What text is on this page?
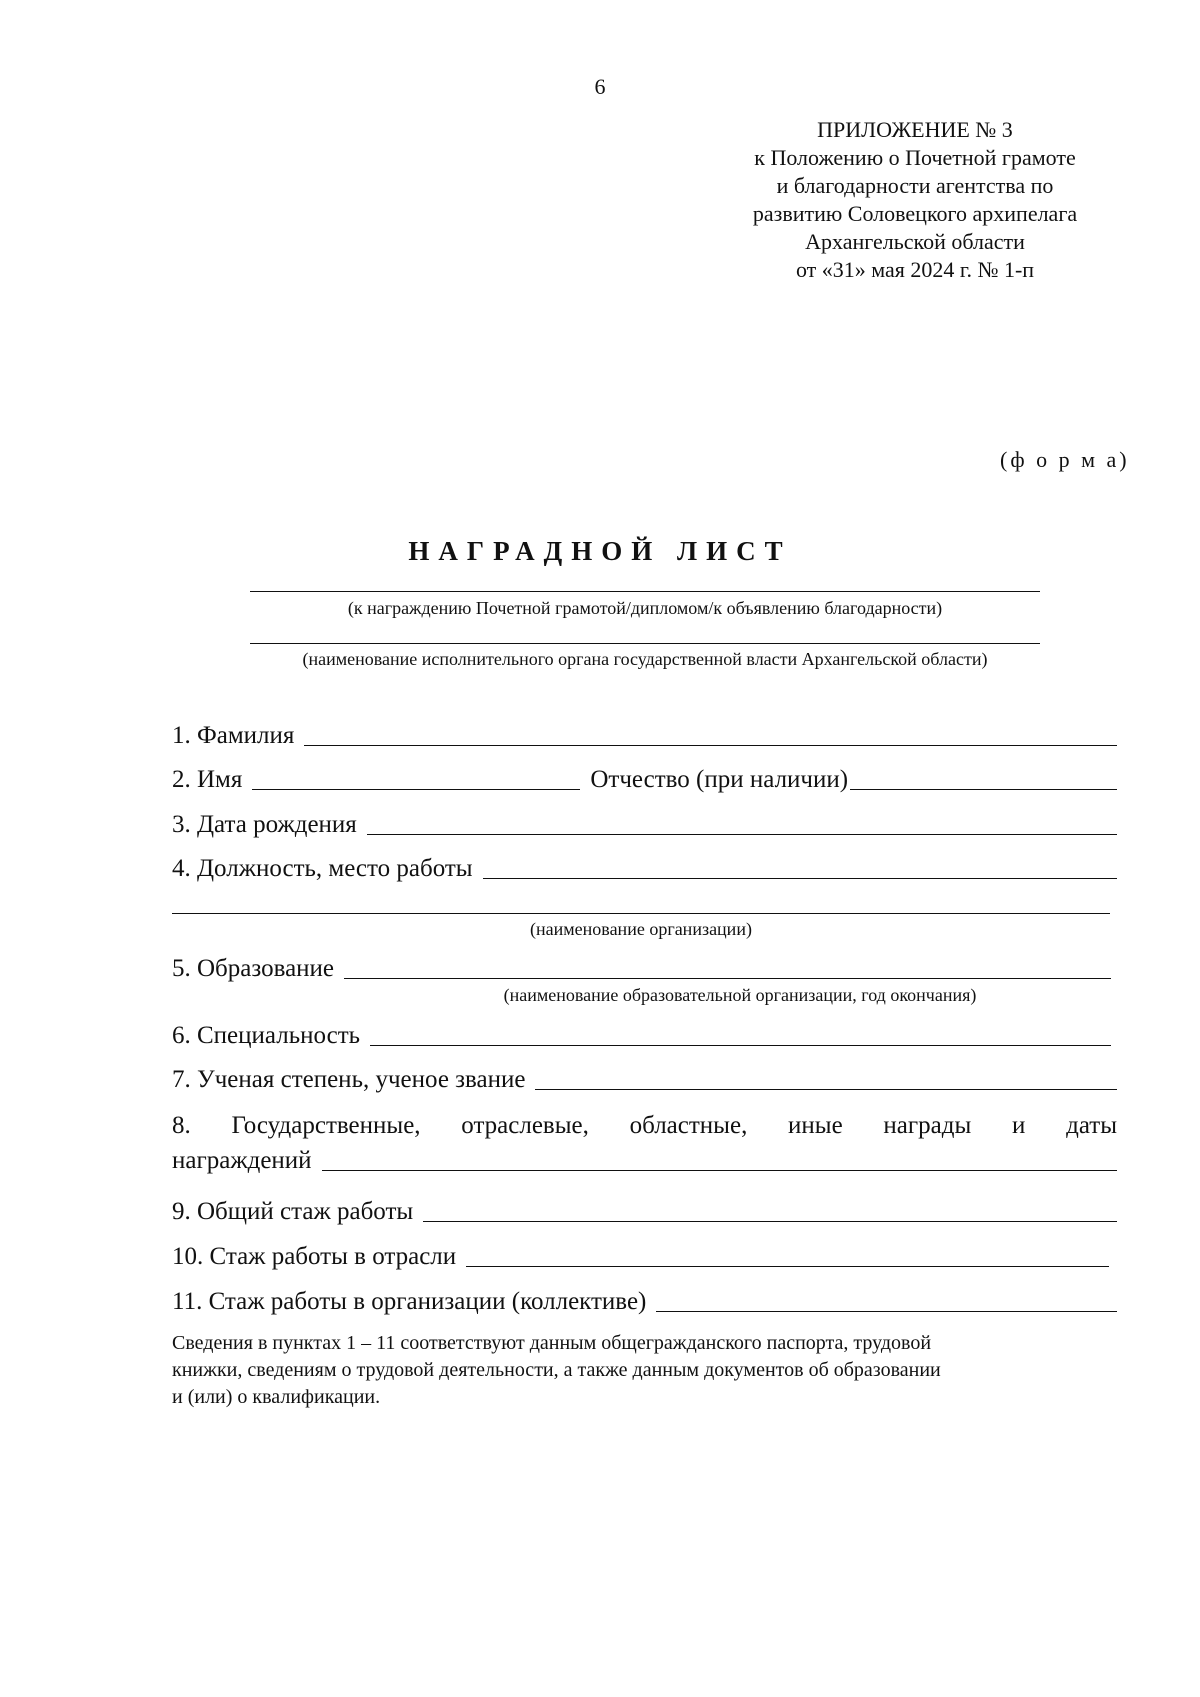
6
ПРИЛОЖЕНИЕ № 3
к Положению о Почетной грамоте
и благодарности агентства по
развитию Соловецкого архипелага
Архангельской области
от «31» мая 2024 г. № 1-п
(ф о р м а)
НАГРАДНОЙ ЛИСТ
(к награждению Почетной грамотой/дипломом/к объявлению благодарности)
(наименование исполнительного органа государственной власти Архангельской области)
1. Фамилия
2. Имя	Отчество (при наличии)
3. Дата рождения
4. Должность, место работы
(наименование организации)
5. Образование
(наименование образовательной организации, год окончания)
6. Специальность
7. Ученая степень, ученое звание
8. Государственные, отраслевые, областные, иные награды и даты
награждений
9. Общий стаж работы
10. Стаж работы в отрасли
11. Стаж работы в организации (коллективе)
Сведения в пунктах 1 – 11 соответствуют данным общегражданского паспорта, трудовой
книжки, сведениям о трудовой деятельности, а также данным документов об образовании
и (или) о квалификации.
